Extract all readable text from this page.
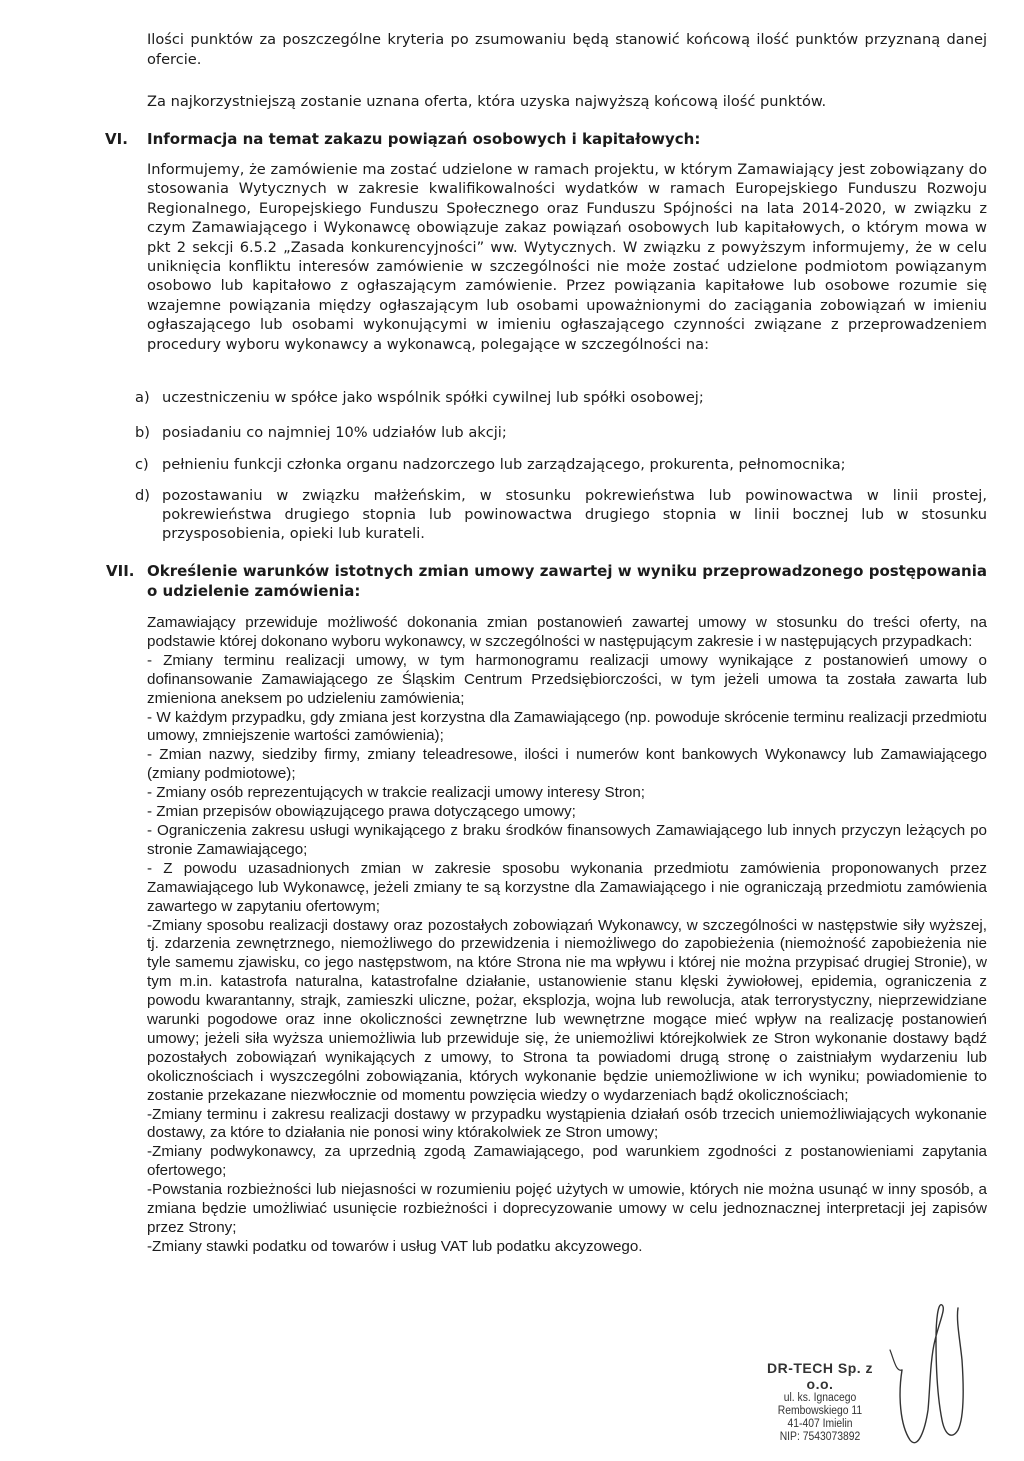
Ilości punktów za poszczególne kryteria po zsumowaniu będą stanowić końcową ilość punktów przyznaną danej ofercie.

Za najkorzystniejszą zostanie uznana oferta, która uzyska najwyższą końcową ilość punktów.

VI. Informacja na temat zakazu powiązań osobowych i kapitałowych:

Informujemy, że zamówienie ma zostać udzielone w ramach projektu, w którym Zamawiający jest zobowiązany do stosowania Wytycznych w zakresie kwalifikowalności wydatków w ramach Europejskiego Funduszu Rozwoju Regionalnego, Europejskiego Funduszu Społecznego oraz Funduszu Spójności na lata 2014-2020, w związku z czym Zamawiającego i Wykonawcę obowiązuje zakaz powiązań osobowych lub kapitałowych, o którym mowa w pkt 2 sekcji 6.5.2 „Zasada konkurencyjności” ww. Wytycznych. W związku z powyższym informujemy, że w celu uniknięcia konfliktu interesów zamówienie w szczególności nie może zostać udzielone podmiotom powiązanym osobowo lub kapitałowo z ogłaszającym zamówienie. Przez powiązania kapitałowe lub osobowe rozumie się wzajemne powiązania między ogłaszającym lub osobami upoważnionymi do zaciągania zobowiązań w imieniu ogłaszającego lub osobami wykonującymi w imieniu ogłaszającego czynności związane z przeprowadzeniem procedury wyboru wykonawcy a wykonawcą, polegające w szczególności na:

a) uczestniczeniu w spółce jako wspólnik spółki cywilnej lub spółki osobowej;
b) posiadaniu co najmniej 10% udziałów lub akcji;
c) pełnieniu funkcji członka organu nadzorczego lub zarządzającego, prokurenta, pełnomocnika;
d) pozostawaniu w związku małżeńskim, w stosunku pokrewieństwa lub powinowactwa w linii prostej, pokrewieństwa drugiego stopnia lub powinowactwa drugiego stopnia w linii bocznej lub w stosunku przysposobienia, opieki lub kurateli.
VII. Określenie warunków istotnych zmian umowy zawartej w wyniku przeprowadzonego postępowania o udzielenie zamówienia:
Zamawiający przewiduje możliwość dokonania zmian postanowień zawartej umowy w stosunku do treści oferty, na podstawie której dokonano wyboru wykonawcy, w szczególności w następującym zakresie i w następujących przypadkach:
- Zmiany terminu realizacji umowy, w tym harmonogramu realizacji umowy wynikające z postanowień umowy o dofinansowanie Zamawiającego ze Śląskim Centrum Przedsiębiorczości, w tym jeżeli umowa ta została zawarta lub zmieniona aneksem po udzieleniu zamówienia;
- W każdym przypadku, gdy zmiana jest korzystna dla Zamawiającego (np. powoduje skrócenie terminu realizacji przedmiotu umowy, zmniejszenie wartości zamówienia);
- Zmian nazwy, siedziby firmy, zmiany teleadresowe, ilości i numerów kont bankowych Wykonawcy lub Zamawiającego (zmiany podmiotowe);
- Zmiany osób reprezentujących w trakcie realizacji umowy interesy Stron;
- Zmian przepisów obowiązującego prawa dotyczącego umowy;
- Ograniczenia zakresu usługi wynikającego z braku środków finansowych Zamawiającego lub innych przyczyn leżących po stronie Zamawiającego;
- Z powodu uzasadnionych zmian w zakresie sposobu wykonania przedmiotu zamówienia proponowanych przez Zamawiającego lub Wykonawcę, jeżeli zmiany te są korzystne dla Zamawiającego i nie ograniczają przedmiotu zamówienia zawartego w zapytaniu ofertowym;
-Zmiany sposobu realizacji dostawy oraz pozostałych zobowiązań Wykonawcy, w szczególności w następstwie siły wyższej, tj. zdarzenia zewnętrznego, niemożliwego do przewidzenia i niemożliwego do zapobieżenia (niemożność zapobieżenia nie tyle samemu zjawisku, co jego następstwom, na które Strona nie ma wpływu i której nie można przypisać drugiej Stronie), w tym m.in. katastrofa naturalna, katastrofalne działanie, ustanowienie stanu klęski żywiołowej, epidemia, ograniczenia z powodu kwarantanny, strajk, zamieszki uliczne, pożar, eksplozja, wojna lub rewolucja, atak terrorystyczny, nieprzewidziane warunki pogodowe oraz inne okoliczności zewnętrzne lub wewnętrzne mogące mieć wpływ na realizację postanowień umowy; jeżeli siła wyższa uniemożliwia lub przewiduje się, że uniemożliwi którejkolwiek ze Stron wykonanie dostawy bądź pozostałych zobowiązań wynikających z umowy, to Strona ta powiadomi drugą stronę o zaistniałym wydarzeniu lub okolicznościach i wyszczególni zobowiązania, których wykonanie będzie uniemożliwione w ich wyniku; powiadomienie to zostanie przekazane niezwłocznie od momentu powzięcia wiedzy o wydarzeniach bądź okolicznościach;
-Zmiany terminu i zakresu realizacji dostawy w przypadku wystąpienia działań osób trzecich uniemożliwiających wykonanie dostawy, za które to działania nie ponosi winy którakolwiek ze Stron umowy;
-Zmiany podwykonawcy, za uprzednią zgodą Zamawiającego, pod warunkiem zgodności z postanowieniami zapytania ofertowego;
-Powstania rozbieżności lub niejasności w rozumieniu pojęć użytych w umowie, których nie można usunąć w inny sposób, a zmiana będzie umożliwiać usunięcie rozbieżności i doprecyzowanie umowy w celu jednoznacznej interpretacji jej zapisów przez Strony;
-Zmiany stawki podatku od towarów i usług VAT lub podatku akcyzowego.
DR-TECH Sp. z o.o.
ul. ks. Ignacego Rembowskiego 11
41-407 Imielin
NIP: 7543073892
